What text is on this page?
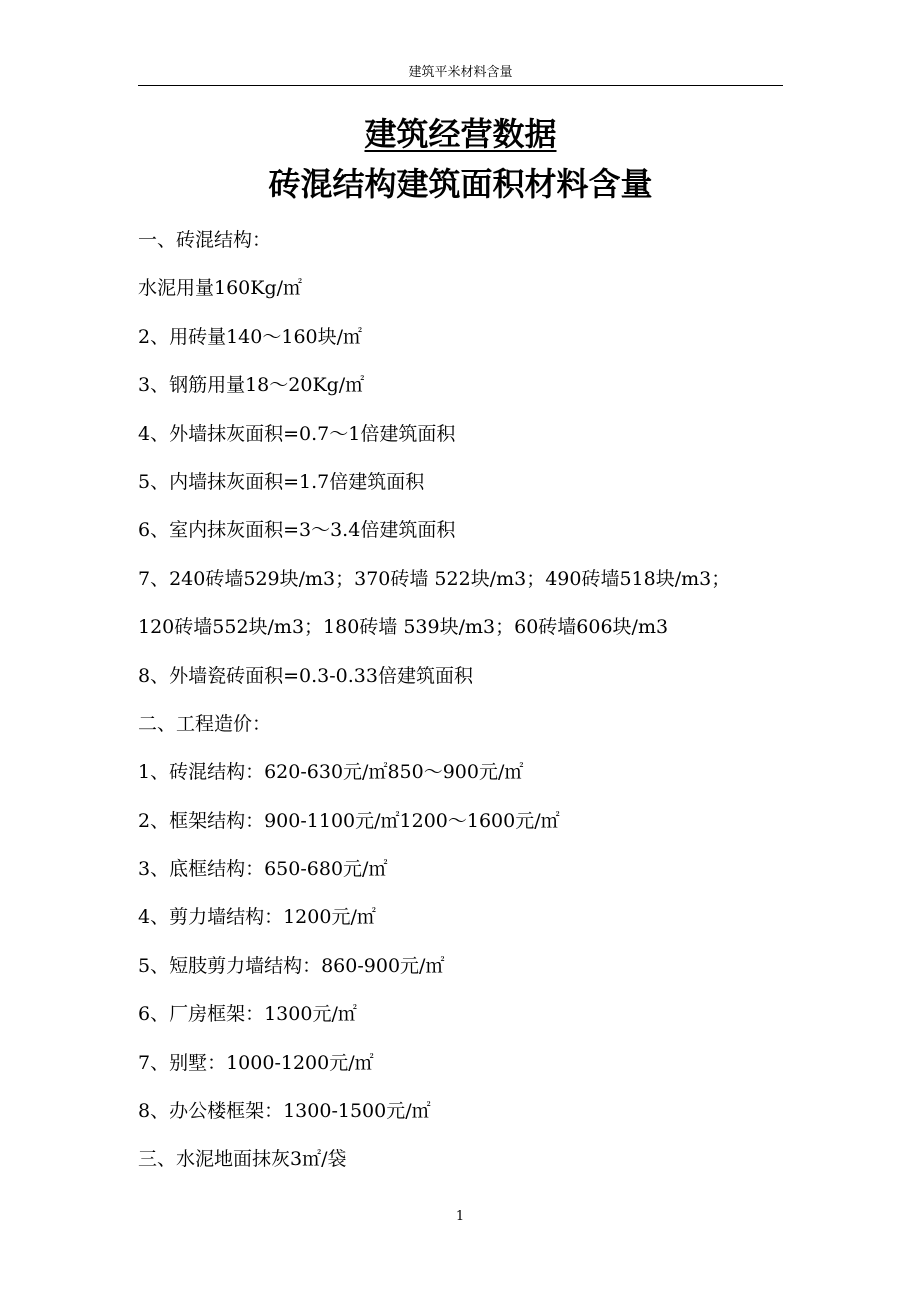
建筑平米材料含量
建筑经营数据
砖混结构建筑面积材料含量
一、砖混结构：
水泥用量160Kg/㎡
2、用砖量140～160块/㎡
3、钢筋用量18～20Kg/㎡
4、外墙抹灰面积=0.7～1倍建筑面积
5、内墙抹灰面积=1.7倍建筑面积
6、室内抹灰面积=3～3.4倍建筑面积
7、240砖墙529块/m3；370砖墙 522块/m3；490砖墙518块/m3；
120砖墙552块/m3；180砖墙 539块/m3；60砖墙606块/m3
8、外墙瓷砖面积=0.3-0.33倍建筑面积
二、工程造价：
1、砖混结构：620-630元/㎡850～900元/㎡
2、框架结构：900-1100元/㎡1200～1600元/㎡
3、底框结构：650-680元/㎡
4、剪力墙结构：1200元/㎡
5、短肢剪力墙结构：860-900元/㎡
6、厂房框架：1300元/㎡
7、别墅：1000-1200元/㎡
8、办公楼框架：1300-1500元/㎡
三、水泥地面抹灰3㎡/袋
1
